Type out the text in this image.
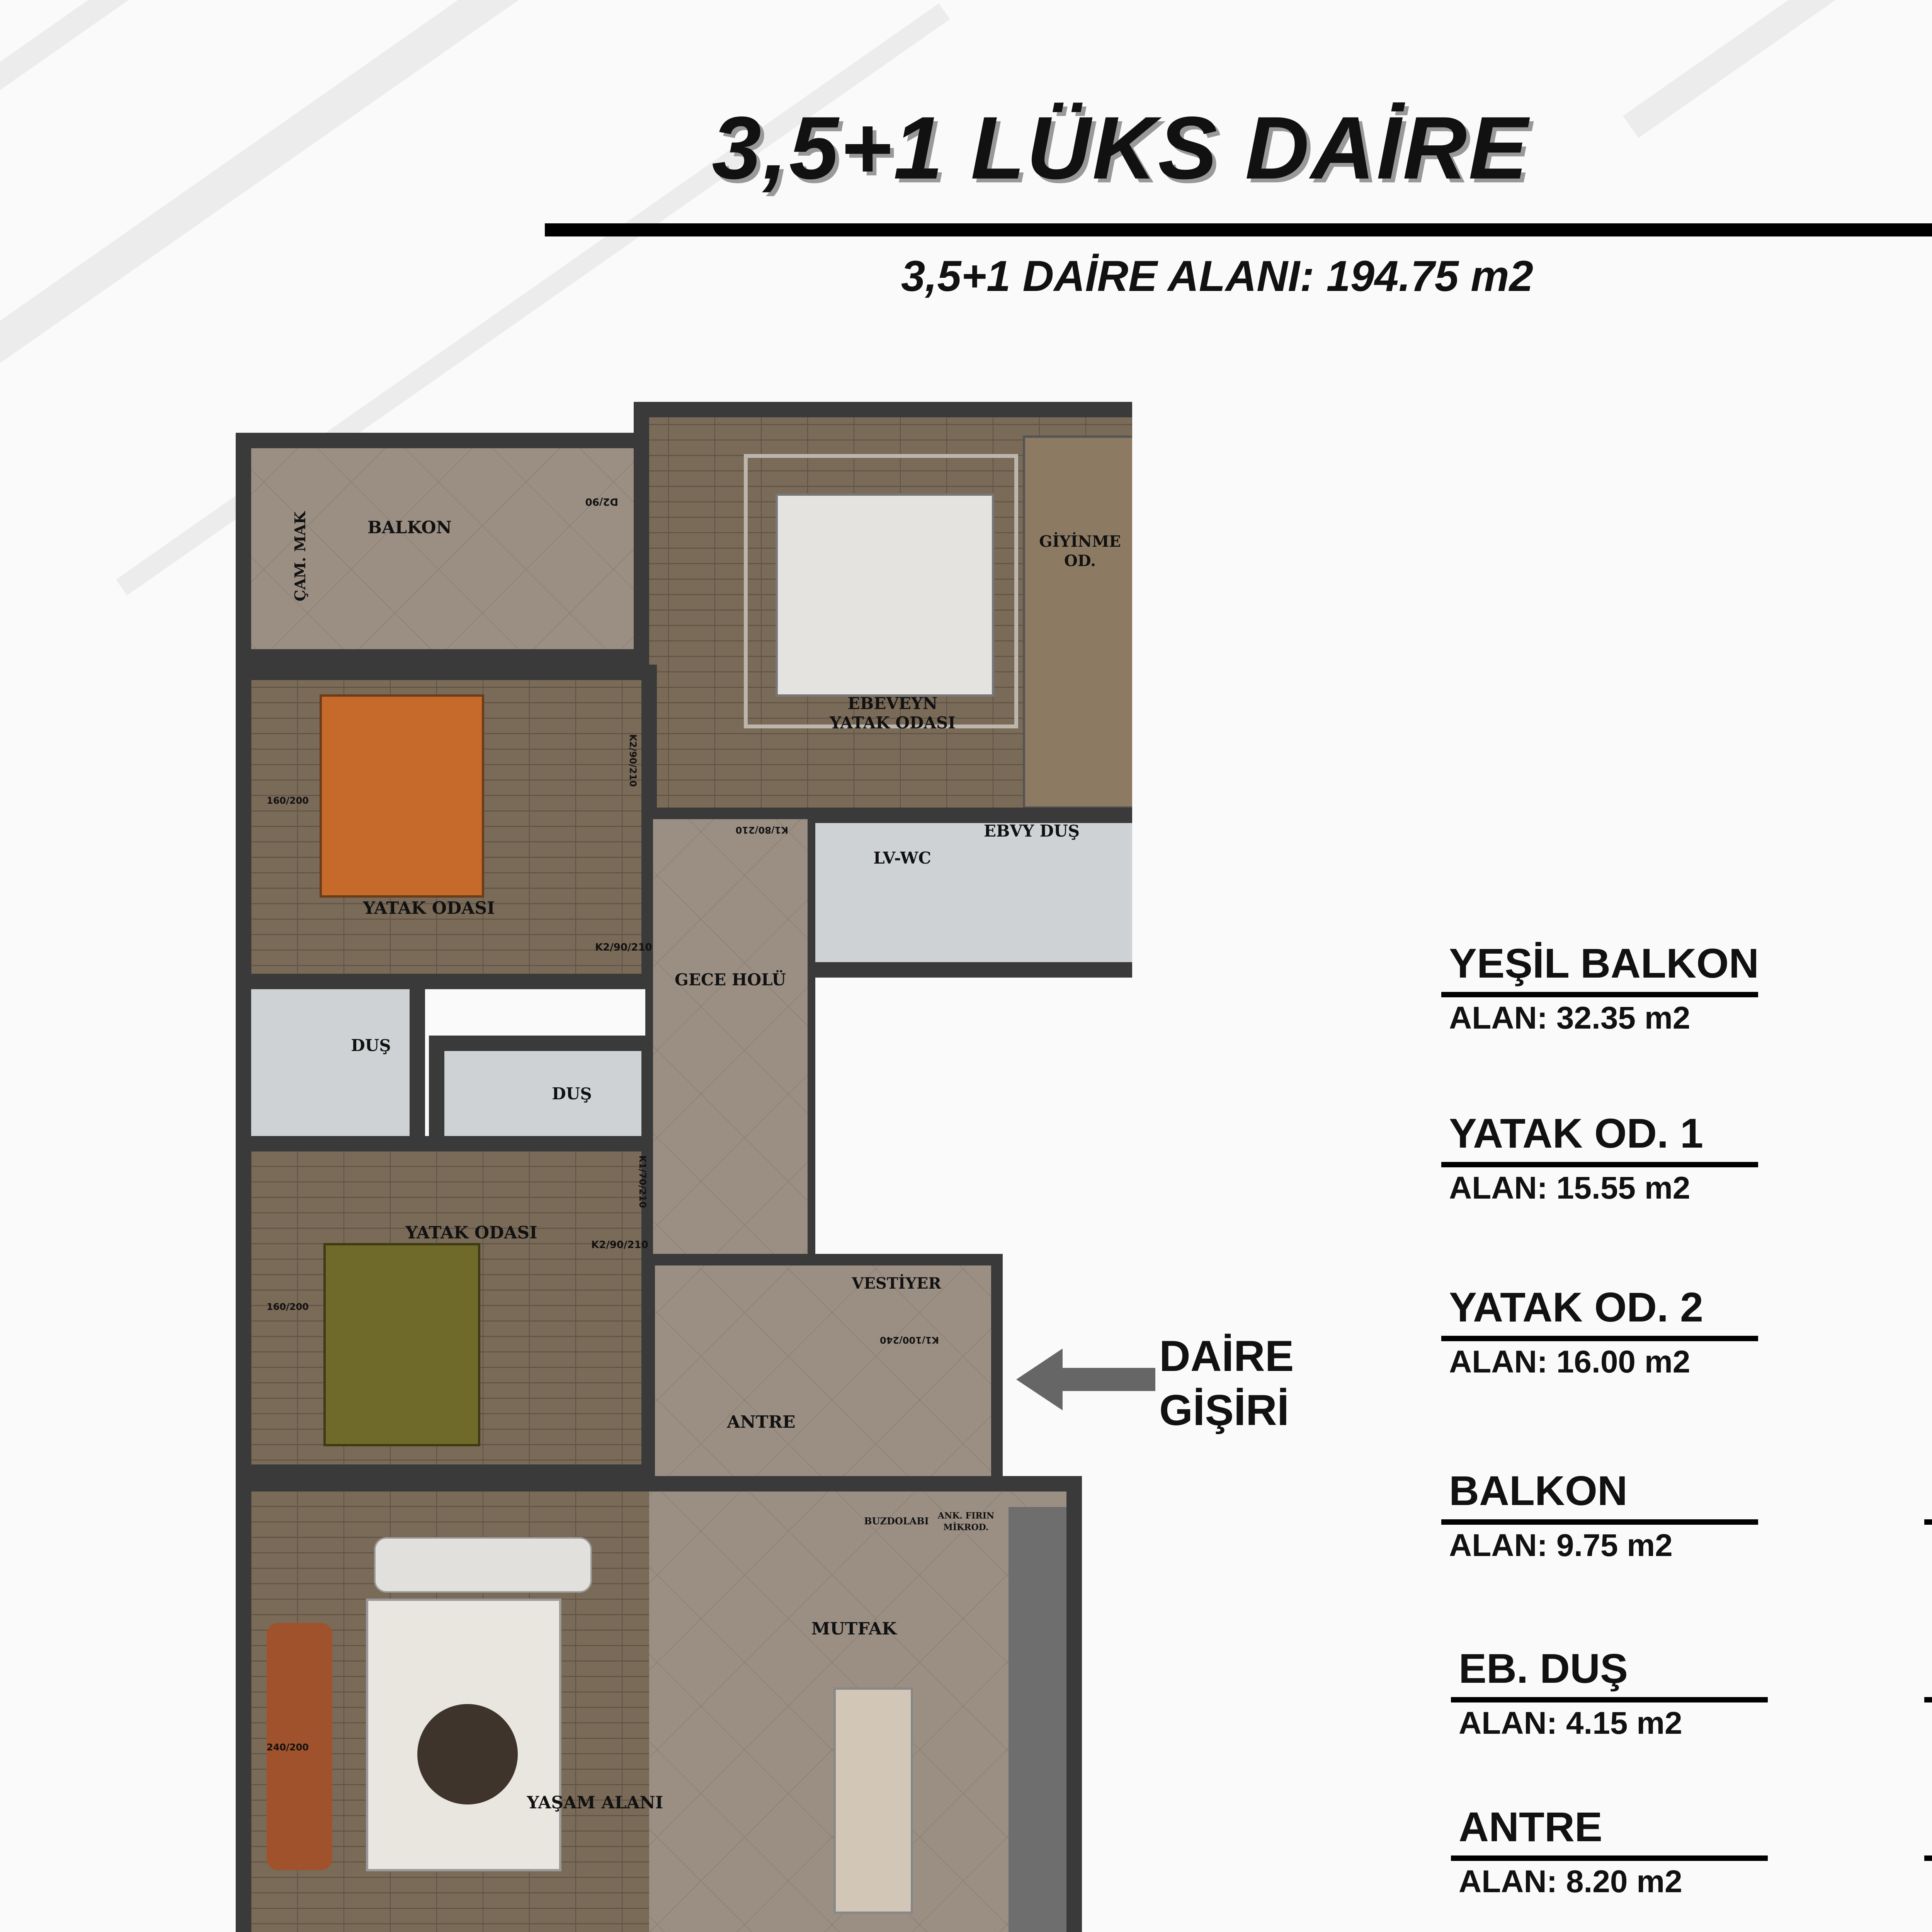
3,5+1 LÜKS DAİRE
3,5+1 DAİRE ALANI: 194.75 m2
BALKON
ÇAM. MAK
EBEVEYN
YATAK ODASI
GİYİNME
OD.
YATAK ODASI
LV-WC
EBVY DUŞ
GECE HOLÜ
DUŞ
DUŞ
YATAK ODASI
VESTİYER
ANTRE
BUZDOLABI ANK. FIRIN
MİKROD.
MUTFAK
YAŞAM ALANI
D2/90
K2/90/210
K1/80/210
K2/90/210
K1/70/210
K2/90/210
K1/100/240
160/200
160/200
240/200
DAİRE
GİŞİRİ
YEŞİL BALKON
ALAN: 32.35 m2
YATAK OD. 1
ALAN: 15.55 m2
YATAK OD. 2
ALAN: 16.00 m2
BALKON
ALAN: 9.75 m2
EB. DUŞ
ALAN: 4.15 m2
ANTRE
ALAN: 8.20 m2
